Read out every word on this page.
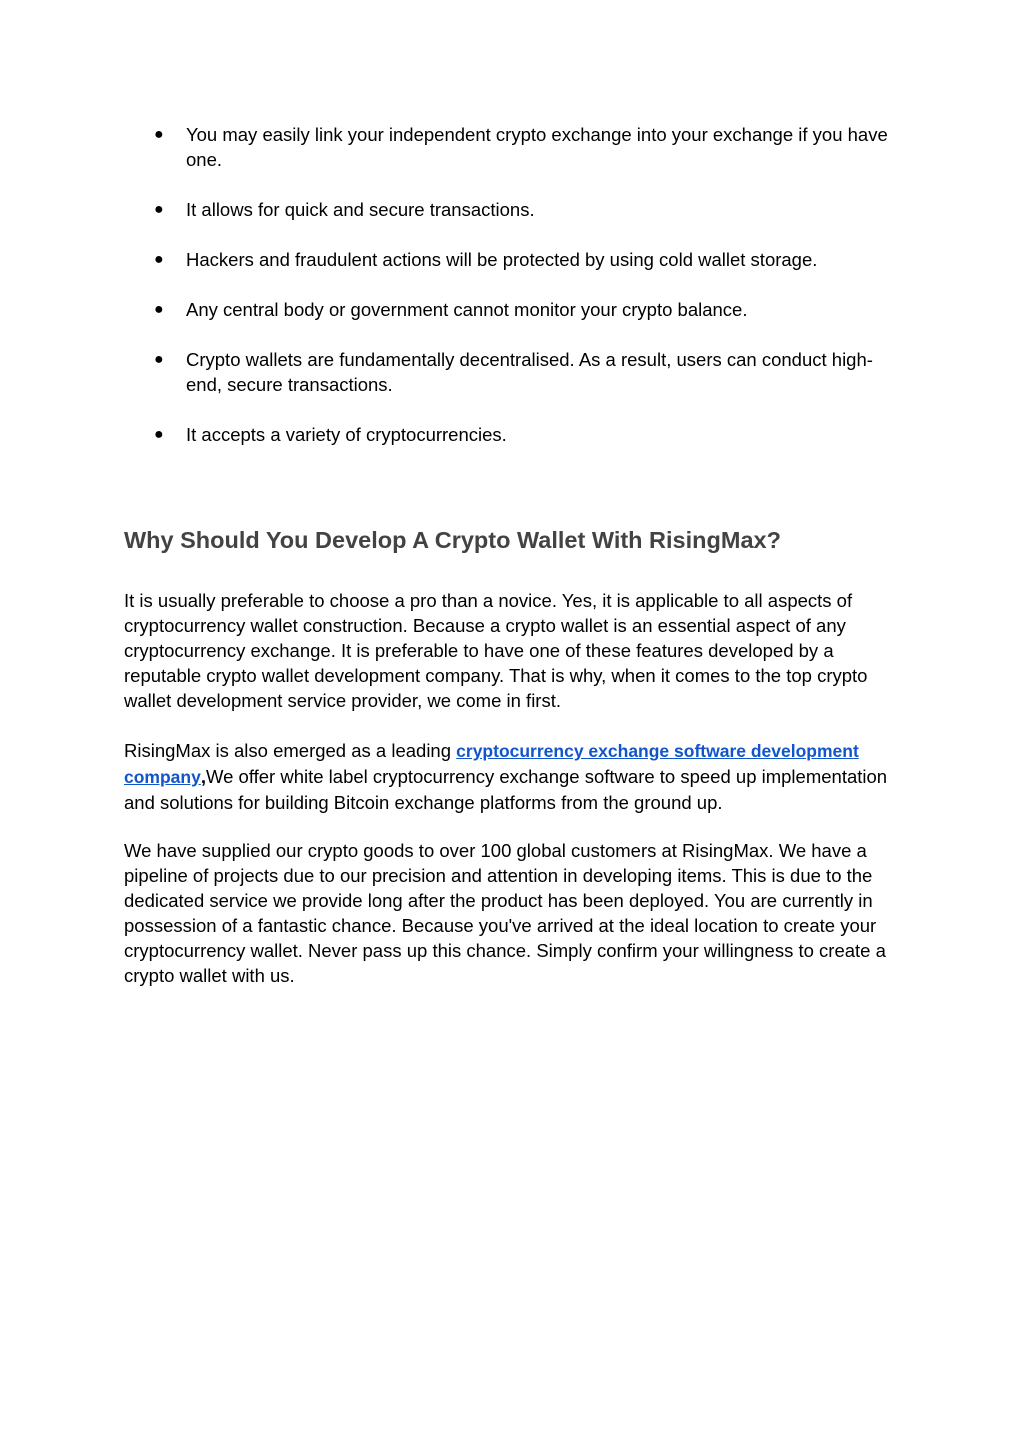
● You may easily link your independent crypto exchange into your exchange if you have one.
● It allows for quick and secure transactions.
● Hackers and fraudulent actions will be protected by using cold wallet storage.
● Any central body or government cannot monitor your crypto balance.
● Crypto wallets are fundamentally decentralised. As a result, users can conduct high-end, secure transactions.
● It accepts a variety of cryptocurrencies.
Why Should You Develop A Crypto Wallet With RisingMax?

It is usually preferable to choose a pro than a novice. Yes, it is applicable to all aspects of cryptocurrency wallet construction. Because a crypto wallet is an essential aspect of any cryptocurrency exchange. It is preferable to have one of these features developed by a reputable crypto wallet development company. That is why, when it comes to the top crypto wallet development service provider, we come in first.

RisingMax is also emerged as a leading cryptocurrency exchange software development company,We offer white label cryptocurrency exchange software to speed up implementation and solutions for building Bitcoin exchange platforms from the ground up.

We have supplied our crypto goods to over 100 global customers at RisingMax. We have a pipeline of projects due to our precision and attention in developing items. This is due to the dedicated service we provide long after the product has been deployed. You are currently in possession of a fantastic chance. Because you've arrived at the ideal location to create your cryptocurrency wallet. Never pass up this chance. Simply confirm your willingness to create a crypto wallet with us.
